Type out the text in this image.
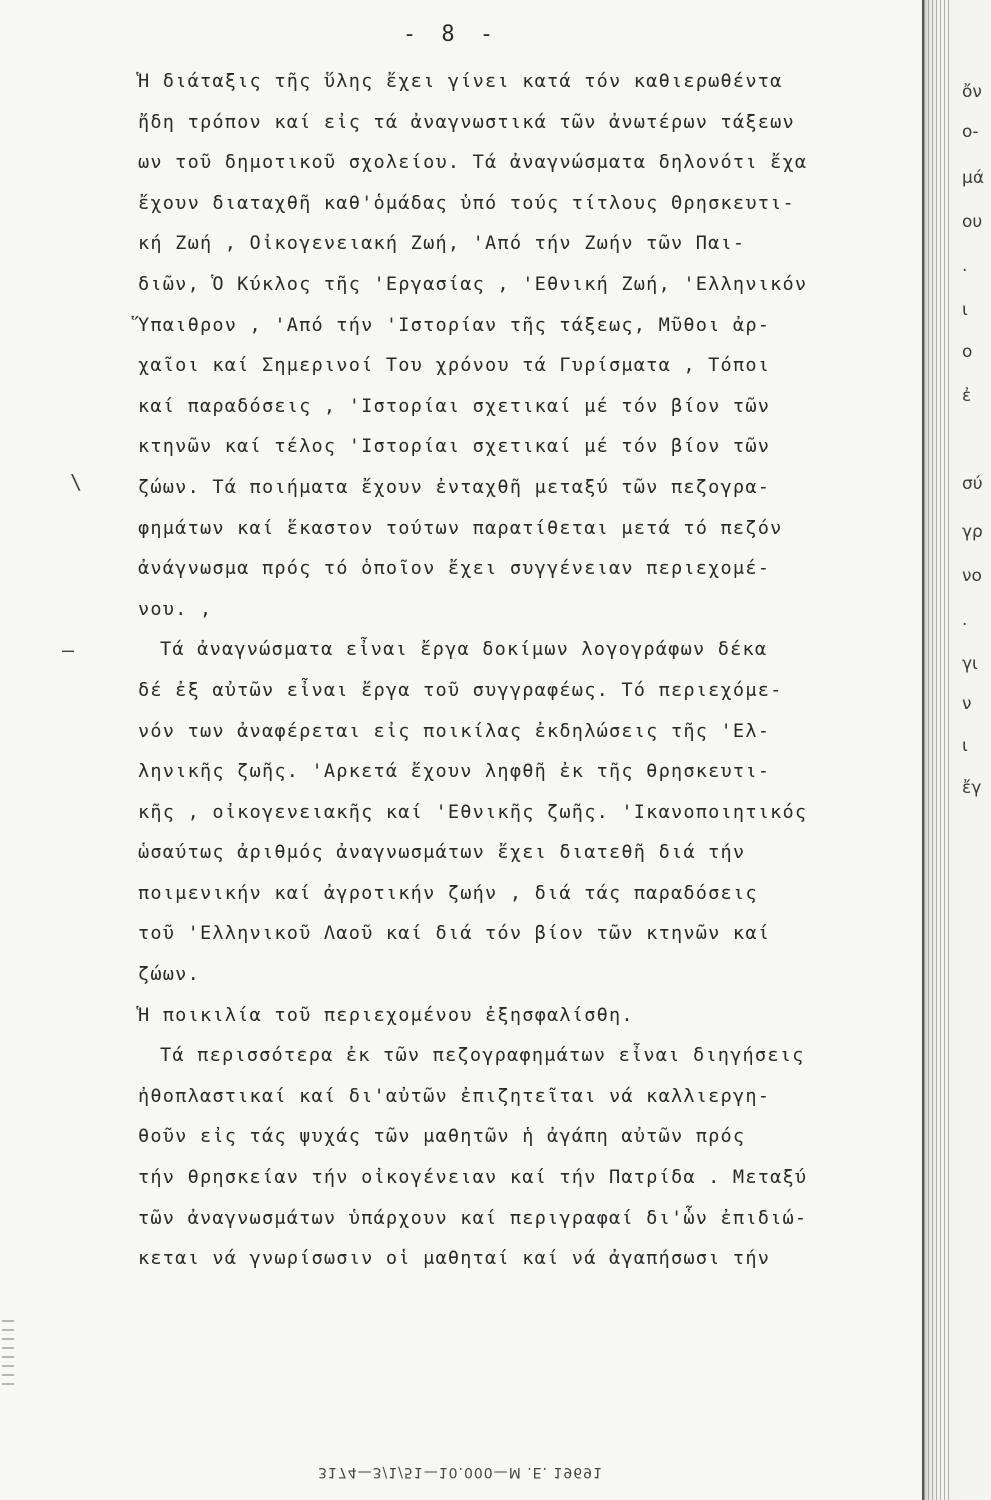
- 8 -
Ἡ διάταξις τῆς ὕλης ἔχει γίνει κατά τόν καθιερωθέντα
ἤδη τρόπον καί εἰς τά ἀναγνωστικά τῶν ἀνωτέρων τάξεων
ων τοῦ δημοτικοῦ σχολείου. Τά ἀναγνώσματα δηλονότι ἔχα
ἔχουν διαταχθῆ καθ'ὁμάδας ὑπό τούς τίτλους Θρησκευτι-
κή Ζωή , Οἰκογενειακή Ζωή, 'Από τήν Ζωήν τῶν Παι-
διῶν, Ὁ Κύκλος τῆς 'Εργασίας , 'Εθνική Ζωή, 'Ελληνικόν
Ὕπαιθρον , 'Από τήν 'Ιστορίαν τῆς τάξεως, Μῦθοι ἀρ-
χαῖοι καί Σημερινοί Του χρόνου τά Γυρίσματα , Τόποι
καί παραδόσεις , 'Ιστορίαι σχετικαί μέ τόν βίον τῶν
κτηνῶν καί τέλος 'Ιστορίαι σχετικαί μέ τόν βίον τῶν
ζώων. Τά ποιήματα ἔχουν ἐνταχθῆ μεταξύ τῶν πεζογρα-
φημάτων καί ἕκαστον τούτων παρατίθεται μετά τό πεζόν
ἀνάγνωσμα πρός τό ὁποῖον ἔχει συγγένειαν περιεχομέ-
νου. ,
Τά ἀναγνώσματα εἶναι ἔργα δοκίμων λογογράφων δέκα
δέ ἐξ αὐτῶν εἶναι ἔργα τοῦ συγγραφέως. Τό περιεχόμε-
νόν των ἀναφέρεται εἰς ποικίλας ἐκδηλώσεις τῆς 'Ελ-
ληνικῆς ζωῆς. 'Αρκετά ἔχουν ληφθῆ ἐκ τῆς θρησκευτι-
κῆς , οἰκογενειακῆς καί 'Εθνικῆς ζωῆς. 'Ικανοποιητικός
ὡσαύτως ἀριθμός ἀναγνωσμάτων ἔχει διατεθῆ διά τήν
ποιμενικήν καί ἀγροτικήν ζωήν , διά τάς παραδόσεις
τοῦ 'Ελληνικοῦ Λαοῦ καί διά τόν βίον τῶν κτηνῶν καί
ζώων.
Ἡ ποικιλία τοῦ περιεχομένου ἐξησφαλίσθη.
Τά περισσότερα ἐκ τῶν πεζογραφημάτων εἶναι διηγήσεις
ἠθοπλαστικαί καί δι'αὐτῶν ἐπιζητεῖται νά καλλιεργη-
θοῦν εἰς τάς ψυχάς τῶν μαθητῶν ἡ ἀγάπη αὐτῶν πρός
τήν θρησκείαν τήν οἰκογένειαν καί τήν Πατρίδα . Μεταξύ
τῶν ἀναγνωσμάτων ὑπάρχουν καί περιγραφαί δι'ὧν ἐπιδιώ-
κεται νά γνωρίσωσιν οἱ μαθηταί καί νά ἀγαπήσωσι τήν
\
—
ὄν
ο-
μά
ου
.
ι
ο
ἐ
σύ
γρ
νο
.
γι
ν
ι
ἔγ
3174—3/1/51—10.000—Μ .Ε. 19691
